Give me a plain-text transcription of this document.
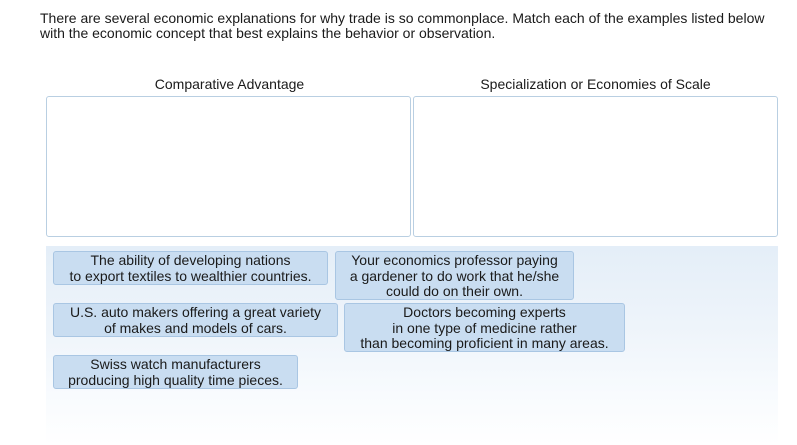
There are several economic explanations for why trade is so commonplace. Match each of the examples listed below with the economic concept that best explains the behavior or observation.
Comparative Advantage	Specialization or Economies of Scale
The ability of developing nations
to export textiles to wealthier countries.
Your economics professor paying
a gardener to do work that he/she
could do on their own.
U.S. auto makers offering a great variety
of makes and models of cars.
Doctors becoming experts
in one type of medicine rather
than becoming proficient in many areas.
Swiss watch manufacturers
producing high quality time pieces.
